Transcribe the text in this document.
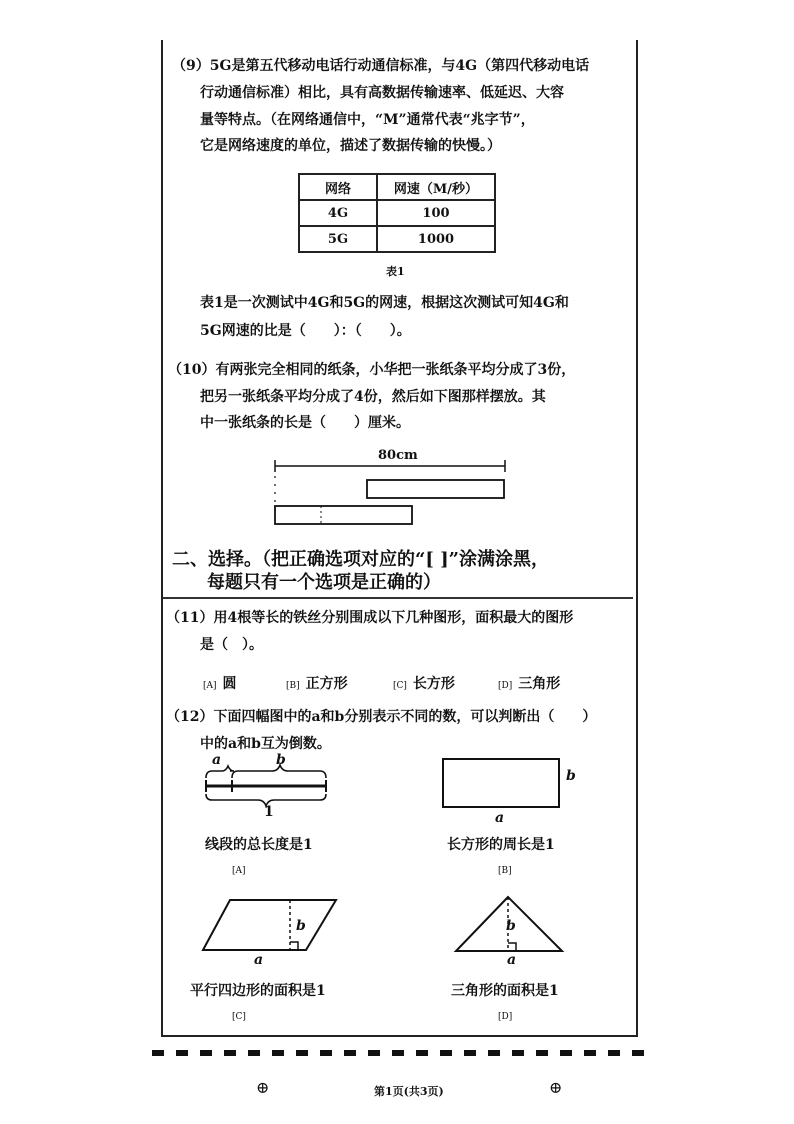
（9）5G是第五代移动电话行动通信标准，与4G（第四代移动电话
行动通信标准）相比，具有高数据传输速率、低延迟、大容
量等特点。（在网络通信中，“M”通常代表“兆字节”，
它是网络速度的单位，描述了数据传输的快慢。）
网络	网速（M/秒）
4G	100
5G	1000
表1
表1是一次测试中4G和5G的网速，根据这次测试可知4G和
5G网速的比是（　　）：（　　）。
（10）有两张完全相同的纸条，小华把一张纸条平均分成了3份，
把另一张纸条平均分成了4份，然后如下图那样摆放。其
中一张纸条的长是（　　）厘米。
80cm
二、选择。（把正确选项对应的“[ ]”涂满涂黑，
每题只有一个选项是正确的）
（11）用4根等长的铁丝分别围成以下几种图形，面积最大的图形
是（　）。
[A] 圆	[B] 正方形	[C] 长方形	[D] 三角形
（12）下面四幅图中的a和b分别表示不同的数，可以判断出（　　）
中的a和b互为倒数。
a	b
1
线段的总长度是1
[A]
b
a
长方形的周长是1
[B]
b
a
平行四边形的面积是1
[C]
b
a
三角形的面积是1
[D]
⊕	第1页(共3页)	⊕
